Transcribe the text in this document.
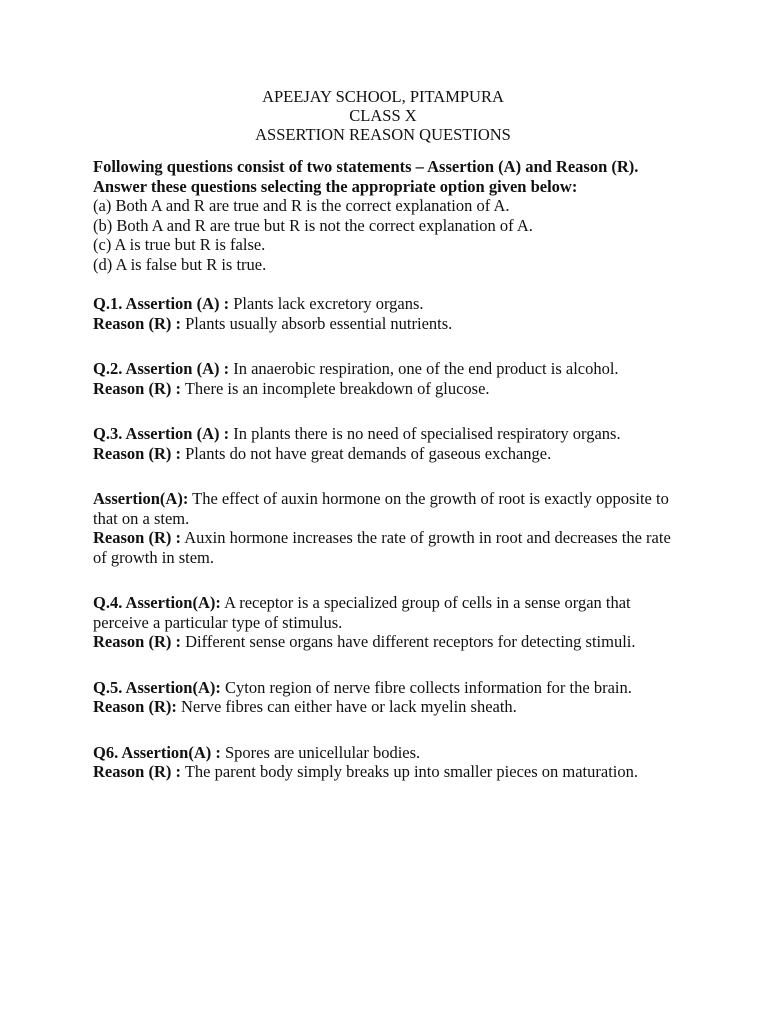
APEEJAY SCHOOL, PITAMPURA
CLASS X
ASSERTION REASON QUESTIONS

Following questions consist of two statements – Assertion (A) and Reason (R). Answer these questions selecting the appropriate option given below:

(a) Both A and R are true and R is the correct explanation of A.

(b) Both A and R are true but R is not the correct explanation of A.

(c) A is true but R is false.

(d) A is false but R is true.

Q.1. Assertion (A) : Plants lack excretory organs.

Reason (R) : Plants usually absorb essential nutrients.

Q.2. Assertion (A) : In anaerobic respiration, one of the end product is alcohol.

Reason (R) : There is an incomplete breakdown of glucose.

Q.3. Assertion (A) : In plants there is no need of specialised respiratory organs.

Reason (R) : Plants do not have great demands of gaseous exchange.

Assertion(A): The effect of auxin hormone on the growth of root is exactly opposite to that on a stem.

Reason (R) : Auxin hormone increases the rate of growth in root and decreases the rate of growth in stem.

Q.4. Assertion(A): A receptor is a specialized group of cells in a sense organ that perceive a particular type of stimulus.

Reason (R) : Different sense organs have different receptors for detecting stimuli.

Q.5. Assertion(A): Cyton region of nerve fibre collects information for the brain.

Reason (R): Nerve fibres can either have or lack myelin sheath.

Q6. Assertion(A) : Spores are unicellular bodies.

Reason (R) : The parent body simply breaks up into smaller pieces on maturation.
